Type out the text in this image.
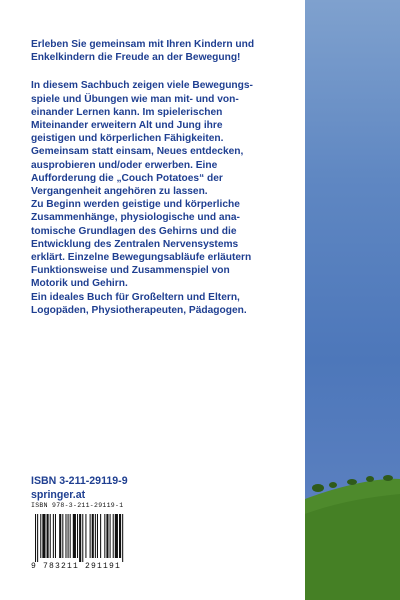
Erleben Sie gemeinsam mit Ihren Kindern und

Enkelkindern die Freude an der Bewegung!

In diesem Sachbuch zeigen viele Bewegungs-

spiele und Übungen wie man mit- und von-

einander Lernen kann. Im spielerischen

Miteinander erweitern Alt und Jung ihre

geistigen und körperlichen Fähigkeiten.

Gemeinsam statt einsam, Neues entdecken,

ausprobieren und/oder erwerben. Eine

Aufforderung die „Couch Potatoes“ der

Vergangenheit angehören zu lassen.

Zu Beginn werden geistige und körperliche

Zusammenhänge, physiologische und ana-

tomische Grundlagen des Gehirns und die

Entwicklung des Zentralen Nervensystems

erklärt. Einzelne Bewegungsabläufe erläutern

Funktionsweise und Zusammenspiel von

Motorik und Gehirn.

Ein ideales Buch für Großeltern und Eltern,

Logopäden, Physiotherapeuten, Pädagogen.

ISBN 3-211-29119-9
springer.at
ISBN 978-3-211-29119-1
9 783211 291191
